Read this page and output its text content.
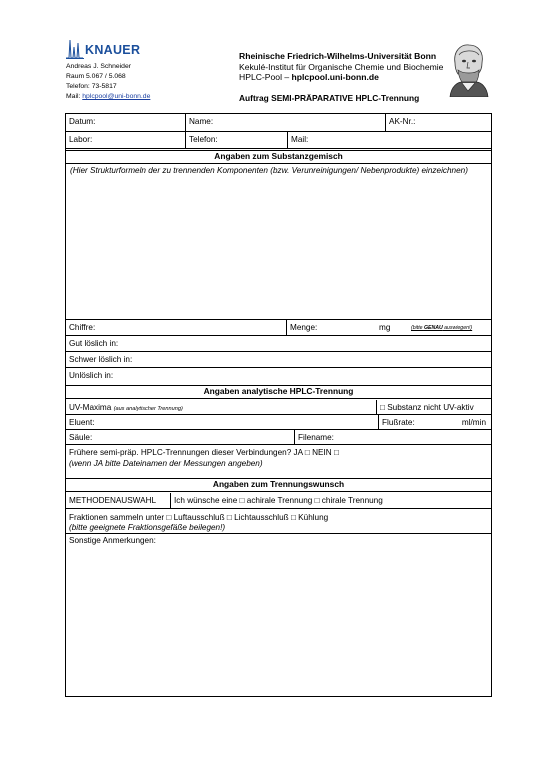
KNAUER
Andreas J. Schneider
Raum 5.067 / 5.068
Telefon: 73-5817
Mail: hplcpool@uni-bonn.de
Rheinische Friedrich-Wilhelms-Universität Bonn
Kekulé-Institut für Organische Chemie und Biochemie
HPLC-Pool – hplcpool.uni-bonn.de
Auftrag SEMI-PRÄPARATIVE HPLC-Trennung
Datum:	Name:	AK-Nr.:
Labor:	Telefon:	Mail:
Angaben zum Substanzgemisch
(Hier Strukturformeln der zu trennenden Komponenten (bzw. Verunreinigungen/ Nebenprodukte) einzeichnen)
Chiffre:	Menge:	mg	(bitte GENAU auswiegen!)
Gut löslich in:
Schwer löslich in:
Unlöslich in:
Angaben analytische HPLC-Trennung
UV-Maxima (aus analytischer Trennung)	□ Substanz nicht UV-aktiv
Eluent:	Flußrate:	ml/min
Säule:	Filename:
Frühere semi-präp. HPLC-Trennungen dieser Verbindungen? JA □ NEIN □
(wenn JA bitte Dateinamen der Messungen angeben)
Angaben zum Trennungswunsch
METHODENAUSWAHL	Ich wünsche eine □ achirale Trennung □ chirale Trennung
Fraktionen sammeln unter □ Luftausschluß □ Lichtausschluß □ Kühlung
(bitte geeignete Fraktionsgefäße beilegen!)
Sonstige Anmerkungen:
